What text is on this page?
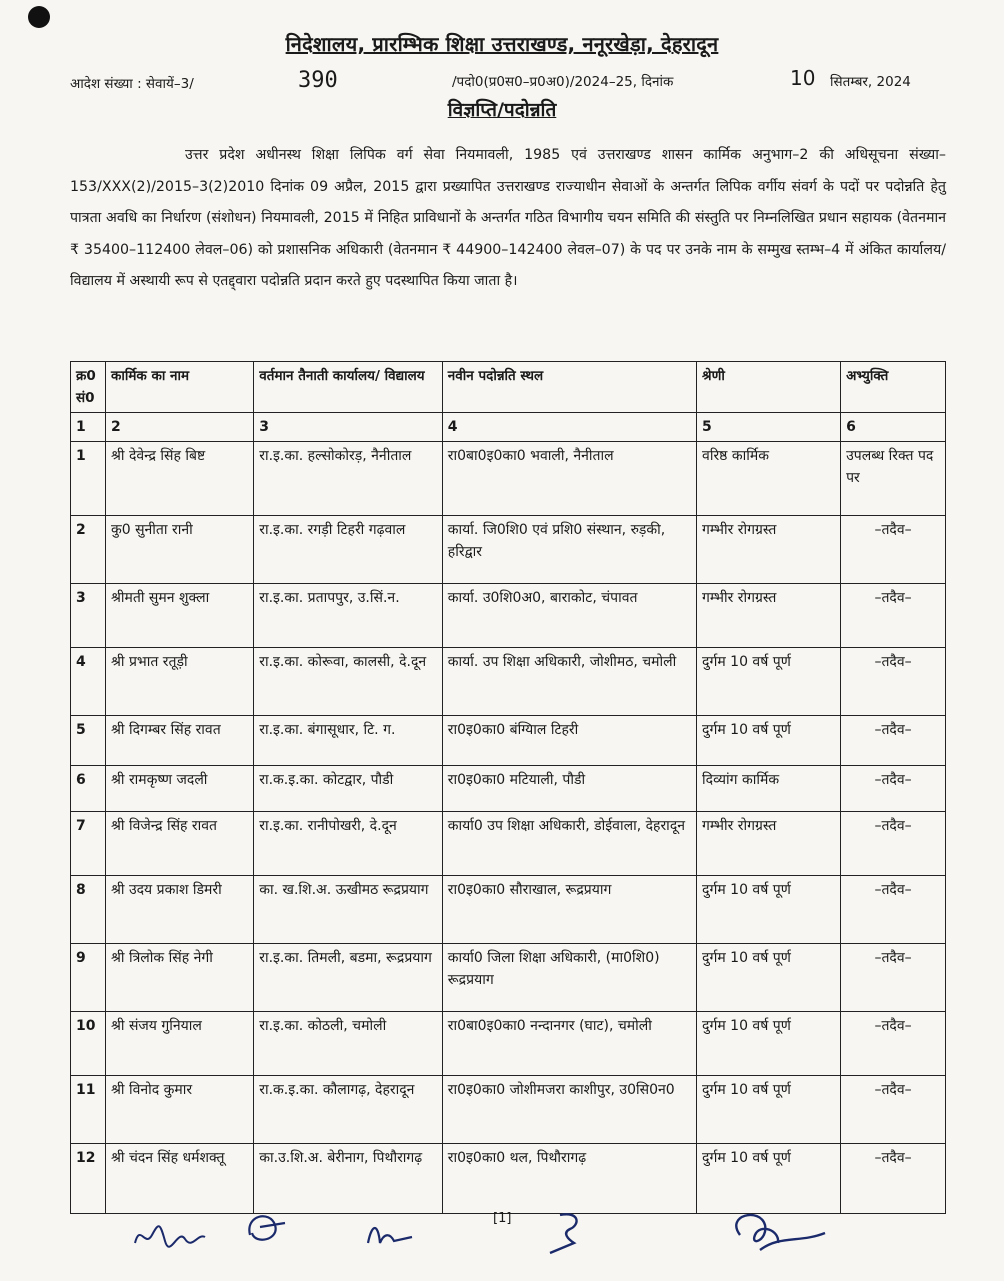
निदेशालय, प्रारम्भिक शिक्षा उत्तराखण्ड, ननूरखेड़ा, देहरादून
आदेश संख्या : सेवायें–3/	390	/पदो0(प्र0स0–प्र0अ0)/2024–25, दिनांक	10 सितम्बर, 2024
विज्ञप्ति/पदोन्नति
उत्तर प्रदेश अधीनस्थ शिक्षा लिपिक वर्ग सेवा नियमावली, 1985 एवं उत्तराखण्ड शासन कार्मिक अनुभाग–2 की अधिसूचना संख्या–153/XXX(2)/2015–3(2)2010 दिनांक 09 अप्रैल, 2015 द्वारा प्रख्यापित उत्तराखण्ड राज्याधीन सेवाओं के अन्तर्गत लिपिक वर्गीय संवर्ग के पदों पर पदोन्नति हेतु पात्रता अवधि का निर्धारण (संशोधन) नियमावली, 2015 में निहित प्राविधानों के अन्तर्गत गठित विभागीय चयन समिति की संस्तुति पर निम्नलिखित प्रधान सहायक (वेतनमान ₹ 35400–112400 लेवल–06) को प्रशासनिक अधिकारी (वेतनमान ₹ 44900–142400 लेवल–07) के पद पर उनके नाम के सम्मुख स्तम्भ–4 में अंकित कार्यालय/विद्यालय में अस्थायी रूप से एतद्द्वारा पदोन्नति प्रदान करते हुए पदस्थापित किया जाता है।
क्र0 सं0	कार्मिक का नाम	वर्तमान तैनाती कार्यालय/ विद्यालय	नवीन पदोन्नति स्थल	श्रेणी	अभ्युक्ति
1	2	3	4	5	6
1	श्री देवेन्द्र सिंह बिष्ट	रा.इ.का. हल्सोकोरड़, नैनीताल	रा0बा0इ0का0 भवाली, नैनीताल	वरिष्ठ कार्मिक	उपलब्ध रिक्त पद पर
2	कु0 सुनीता रानी	रा.इ.का. रगड़ी टिहरी गढ़वाल	कार्या. जि0शि0 एवं प्रशि0 संस्थान, रुड़की, हरिद्वार	गम्भीर रोगग्रस्त	–तदैव–
3	श्रीमती सुमन शुक्ला	रा.इ.का. प्रतापपुर, उ.सिं.न.	कार्या. उ0शि0अ0, बाराकोट, चंपावत	गम्भीर रोगग्रस्त	–तदैव–
4	श्री प्रभात रतूड़ी	रा.इ.का. कोरूवा, कालसी, दे.दून	कार्या. उप शिक्षा अधिकारी, जोशीमठ, चमोली	दुर्गम 10 वर्ष पूर्ण	–तदैव–
5	श्री दिगम्बर सिंह रावत	रा.इ.का. बंगासूधार, टि. ग.	रा0इ0का0 बंग्यिाल टिहरी	दुर्गम 10 वर्ष पूर्ण	–तदैव–
6	श्री रामकृष्ण जदली	रा.क.इ.का. कोटद्वार, पौडी	रा0इ0का0 मटियाली, पौडी	दिव्यांग कार्मिक	–तदैव–
7	श्री विजेन्द्र सिंह रावत	रा.इ.का. रानीपोखरी, दे.दून	कार्या0 उप शिक्षा अधिकारी, डोईवाला, देहरादून	गम्भीर रोगग्रस्त	–तदैव–
8	श्री उदय प्रकाश डिमरी	का. ख.शि.अ. ऊखीमठ रूद्रप्रयाग	रा0इ0का0 सौराखाल, रूद्रप्रयाग	दुर्गम 10 वर्ष पूर्ण	–तदैव–
9	श्री त्रिलोक सिंह नेगी	रा.इ.का. तिमली, बडमा, रूद्रप्रयाग	कार्या0 जिला शिक्षा अधिकारी, (मा0शि0) रूद्रप्रयाग	दुर्गम 10 वर्ष पूर्ण	–तदैव–
10	श्री संजय गुनियाल	रा.इ.का. कोठली, चमोली	रा0बा0इ0का0 नन्दानगर (घाट), चमोली	दुर्गम 10 वर्ष पूर्ण	–तदैव–
11	श्री विनोद कुमार	रा.क.इ.का. कौलागढ़, देहरादून	रा0इ0का0 जोशीमजरा काशीपुर, उ0सि0न0	दुर्गम 10 वर्ष पूर्ण	–तदैव–
12	श्री चंदन सिंह धर्मशक्तू	का.उ.शि.अ. बेरीनाग, पिथौरागढ़	रा0इ0का0 थल, पिथौरागढ़	दुर्गम 10 वर्ष पूर्ण	–तदैव–
[1]
